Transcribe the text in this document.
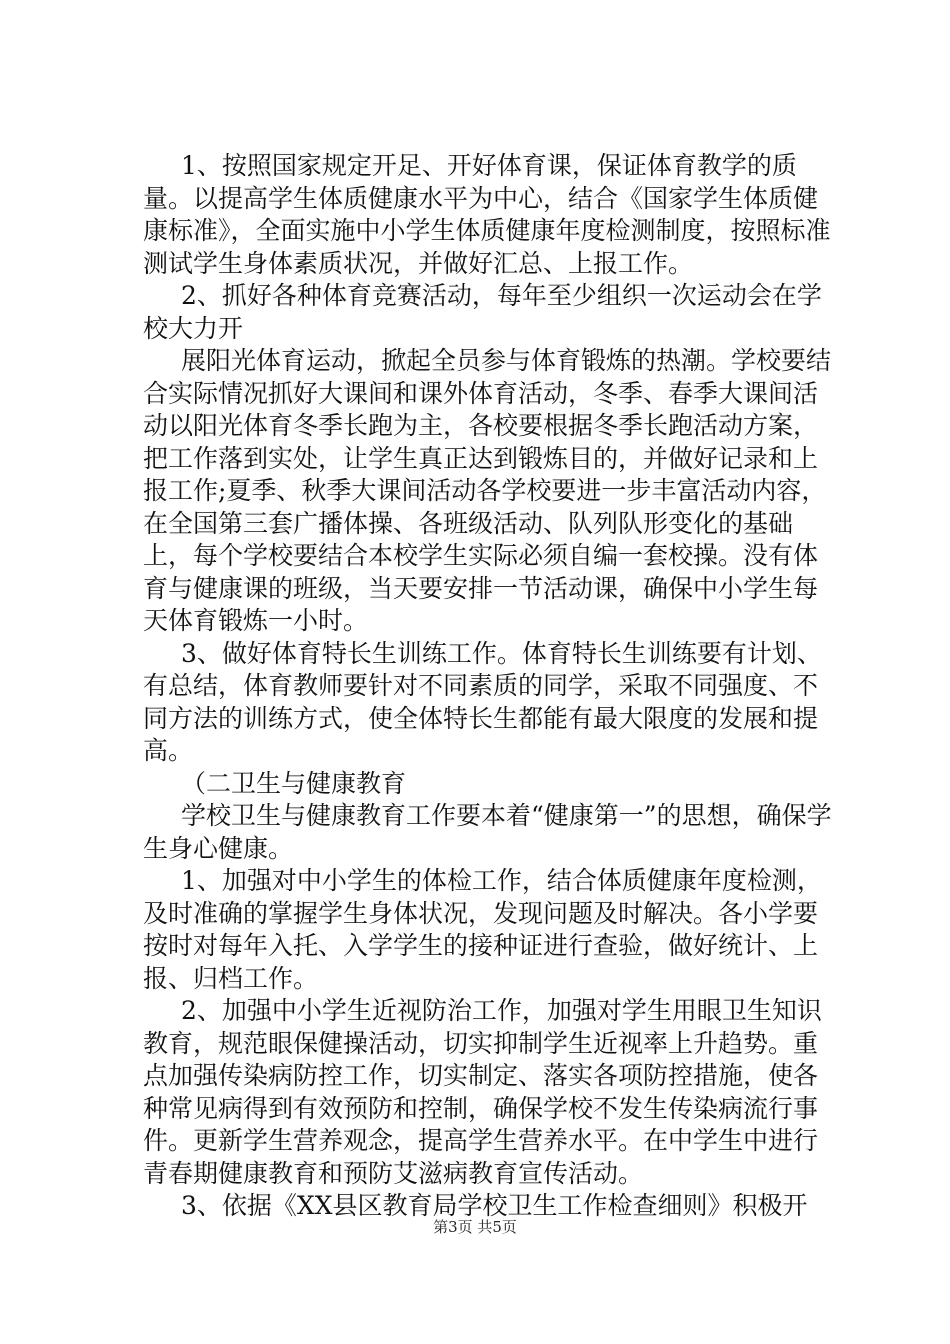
1、按照国家规定开足、开好体育课，保证体育教学的质量。以提高学生体质健康水平为中心，结合《国家学生体质健康标准》，全面实施中小学生体质健康年度检测制度，按照标准测试学生身体素质状况，并做好汇总、上报工作。

2、抓好各种体育竞赛活动，每年至少组织一次运动会在学校大力开

展阳光体育运动，掀起全员参与体育锻炼的热潮。学校要结合实际情况抓好大课间和课外体育活动，冬季、春季大课间活动以阳光体育冬季长跑为主，各校要根据冬季长跑活动方案，把工作落到实处，让学生真正达到锻炼目的，并做好记录和上报工作;夏季、秋季大课间活动各学校要进一步丰富活动内容，在全国第三套广播体操、各班级活动、队列队形变化的基础上，每个学校要结合本校学生实际必须自编一套校操。没有体育与健康课的班级，当天要安排一节活动课，确保中小学生每天体育锻炼一小时。

3、做好体育特长生训练工作。体育特长生训练要有计划、有总结，体育教师要针对不同素质的同学，采取不同强度、不同方法的训练方式，使全体特长生都能有最大限度的发展和提高。

（二卫生与健康教育

学校卫生与健康教育工作要本着“健康第一”的思想，确保学生身心健康。

1、加强对中小学生的体检工作，结合体质健康年度检测，及时准确的掌握学生身体状况，发现问题及时解决。各小学要按时对每年入托、入学学生的接种证进行查验，做好统计、上报、归档工作。

2、加强中小学生近视防治工作，加强对学生用眼卫生知识教育，规范眼保健操活动，切实抑制学生近视率上升趋势。重点加强传染病防控工作，切实制定、落实各项防控措施，使各种常见病得到有效预防和控制，确保学校不发生传染病流行事件。更新学生营养观念，提高学生营养水平。在中学生中进行青春期健康教育和预防艾滋病教育宣传活动。

3、依据《XX县区教育局学校卫生工作检查细则》积极开

第3页 共5页
